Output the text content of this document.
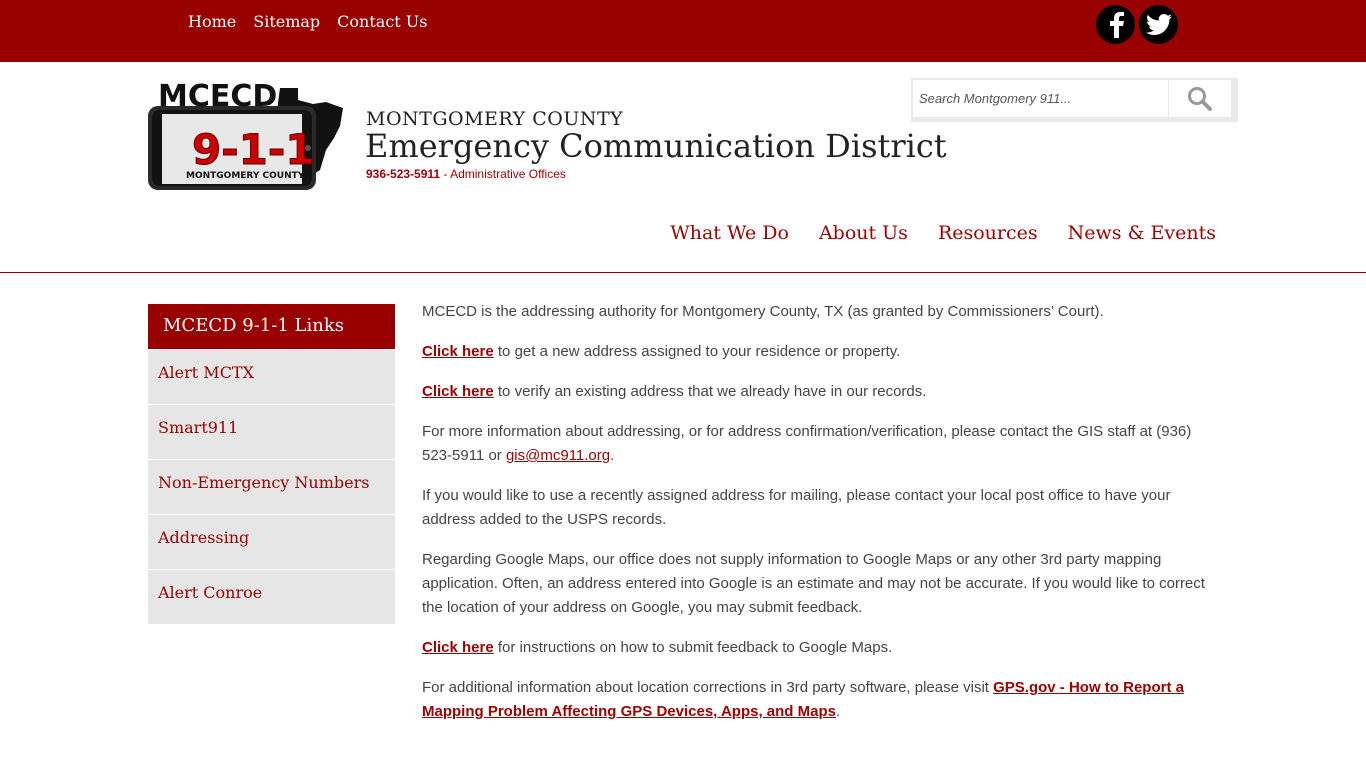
Home Sitemap Contact Us
MCECD
9-1-1
MONTGOMERY COUNTY
MONTGOMERY COUNTY
Emergency Communication District
936-523-5911 - Administrative Offices
Search Montgomery 911...
What We Do About Us Resources News & Events
MCECD 9-1-1 Links
Alert MCTX
Smart911
Non-Emergency Numbers
Addressing
Alert Conroe

MCECD is the addressing authority for Montgomery County, TX (as granted by Commissioners’ Court).

Click here to get a new address assigned to your residence or property.

Click here to verify an existing address that we already have in our records.

For more information about addressing, or for address confirmation/verification, please contact the GIS staff at (936) 523-5911 or gis@mc911.org.

If you would like to use a recently assigned address for mailing, please contact your local post office to have your address added to the USPS records.

Regarding Google Maps, our office does not supply information to Google Maps or any other 3rd party mapping application. Often, an address entered into Google is an estimate and may not be accurate. If you would like to correct the location of your address on Google, you may submit feedback.

Click here for instructions on how to submit feedback to Google Maps.

For additional information about location corrections in 3rd party software, please visit GPS.gov - How to Report a Mapping Problem Affecting GPS Devices, Apps, and Maps.
